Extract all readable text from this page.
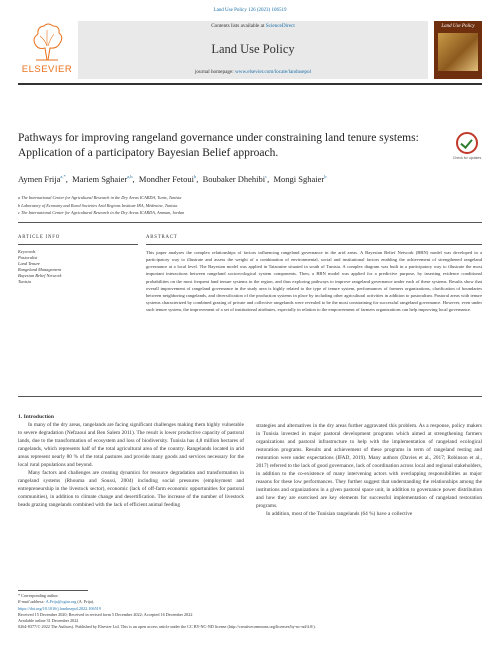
Land Use Policy 126 (2023) 106519
ELSEVIER
Contents lists available at ScienceDirect
Land Use Policy
journal homepage: www.elsevier.com/locate/landusepol
Land Use Policy
Pathways for improving rangeland governance under constraining land tenure systems: Application of a participatory Bayesian Belief approach.	Check for updates
Aymen Frija$^{a,*}$,  Mariem Sghaier$^{a,b}$,  Mondher Fetoui$^b$,  Boubaker Dhehibi$^c$,  Mongi Sghaier$^b$
a The International Center for Agricultural Research in the Dry Areas ICARDA, Tunis, Tunisia
b Laboratory of Economy and Rural Societies Arid Regions Institute IRA, Médenine, Tunisia
c The International Center for Agricultural Research in the Dry Areas ICARDA, Amman, Jordan
ARTICLE INFO	ABSTRACT
Keywords
Pastoralist
Land Tenure
Rangeland Management
Bayesian Belief Network
Tunisia
This paper analyses the complex relationships of factors influencing rangeland governance in the arid areas. A Bayesian Belief Network (BBN) model was developed in a participatory way to illustrate and assess the weight of a combination of environmental, social and institutional factors enabling the achievement of strengthened rangeland governance at a local level. The Bayesian model was applied in Tataouine situated in south of Tunisia. A complex diagram was built in a participatory way to illustrate the most important interactions between rangeland socioecological system components. Then, a BBN model was applied for a predictive purpose, by inserting evidence conditional probabilities on the most frequent land tenure systems in the region, and thus exploring pathways to improve rangeland governance under each of these systems. Results show that overall improvement of rangeland governance in the study area is highly related to the type of tenure system, performances of farmers organizations, clarification of boundaries between neighboring rangelands, and diversification of the production systems in place by including other agricultural activities in addition to pastoralism. Pastoral areas with tenure systems characterized by combined grazing of private and collective rangelands were revealed to be the most constraining for successful rangeland governance. However, even under such tenure system, the improvement of a set of institutional attributes, especially in relation to the empowerment of farmers organizations can help improving local governance.

1. Introduction

In many of the dry areas, rangelands are facing significant challenges making them highly vulnerable to severe degradation (Nefzaoui and Ben Salem 2011). The result is lower productive capacity of pastoral lands, due to the transformation of ecosystem and loss of biodiversity. Tunisia has 4,8 million hectares of rangelands, which represents half of the total agricultural area of the country. Rangelands located in arid areas represent nearly 80 % of the total pastures and provide many goods and services necessary for the local rural populations and beyond.

Many factors and challenges are creating dynamics for resource degradation and transformation in rangeland systems (Rhouma and Soussi, 2004) including social pressures (employment and entrepreneurship in the livestock sector), economic (lack of off-farm economic opportunities for pastoral communities), in addition to climate change and desertification. The increase of the number of livestock heads grazing rangelands combined with the lack of efficient animal feeding

strategies and alternatives in the dry areas further aggravated this problem. As a response, policy makers in Tunisia invested in major pastoral development programs which aimed at strengthening farmers organizations and pastoral infrastructure to help with the implementation of rangeland ecological restoration programs. Results and achievement of these programs in term of rangeland resting and restoration were under expectations (IFAD, 2019). Many authors (Davies et al., 2017; Robinson et al., 2017) referred to the lack of good governance, lack of coordination across local and regional stakeholders, in addition to the co-existence of many intervening actors with overlapping responsibilities as major reasons for these low performances. They further suggest that understanding the relationships among the institutions and organizations in a given pastoral space unit, in addition to governance power distribution and how they are exercised are key elements for successful implementation of rangeland restoration programs.

In addition, most of the Tunisian rangelands (64 %) have a collective

* Corresponding author.
E-mail address: A.Frija@cgiar.org (A. Frija).
https://doi.org/10.1016/j.landusepol.2022.106519
Received 15 December 2020; Received in revised form 5 December 2022; Accepted 16 December 2022
Available online 31 December 2022
0264-8377/© 2022 The Authors). Published by Elsevier Ltd. This is an open access article under the CC BY-NC-ND license (http://creativecommons.org/licenses/by-nc-nd/4.0/).
